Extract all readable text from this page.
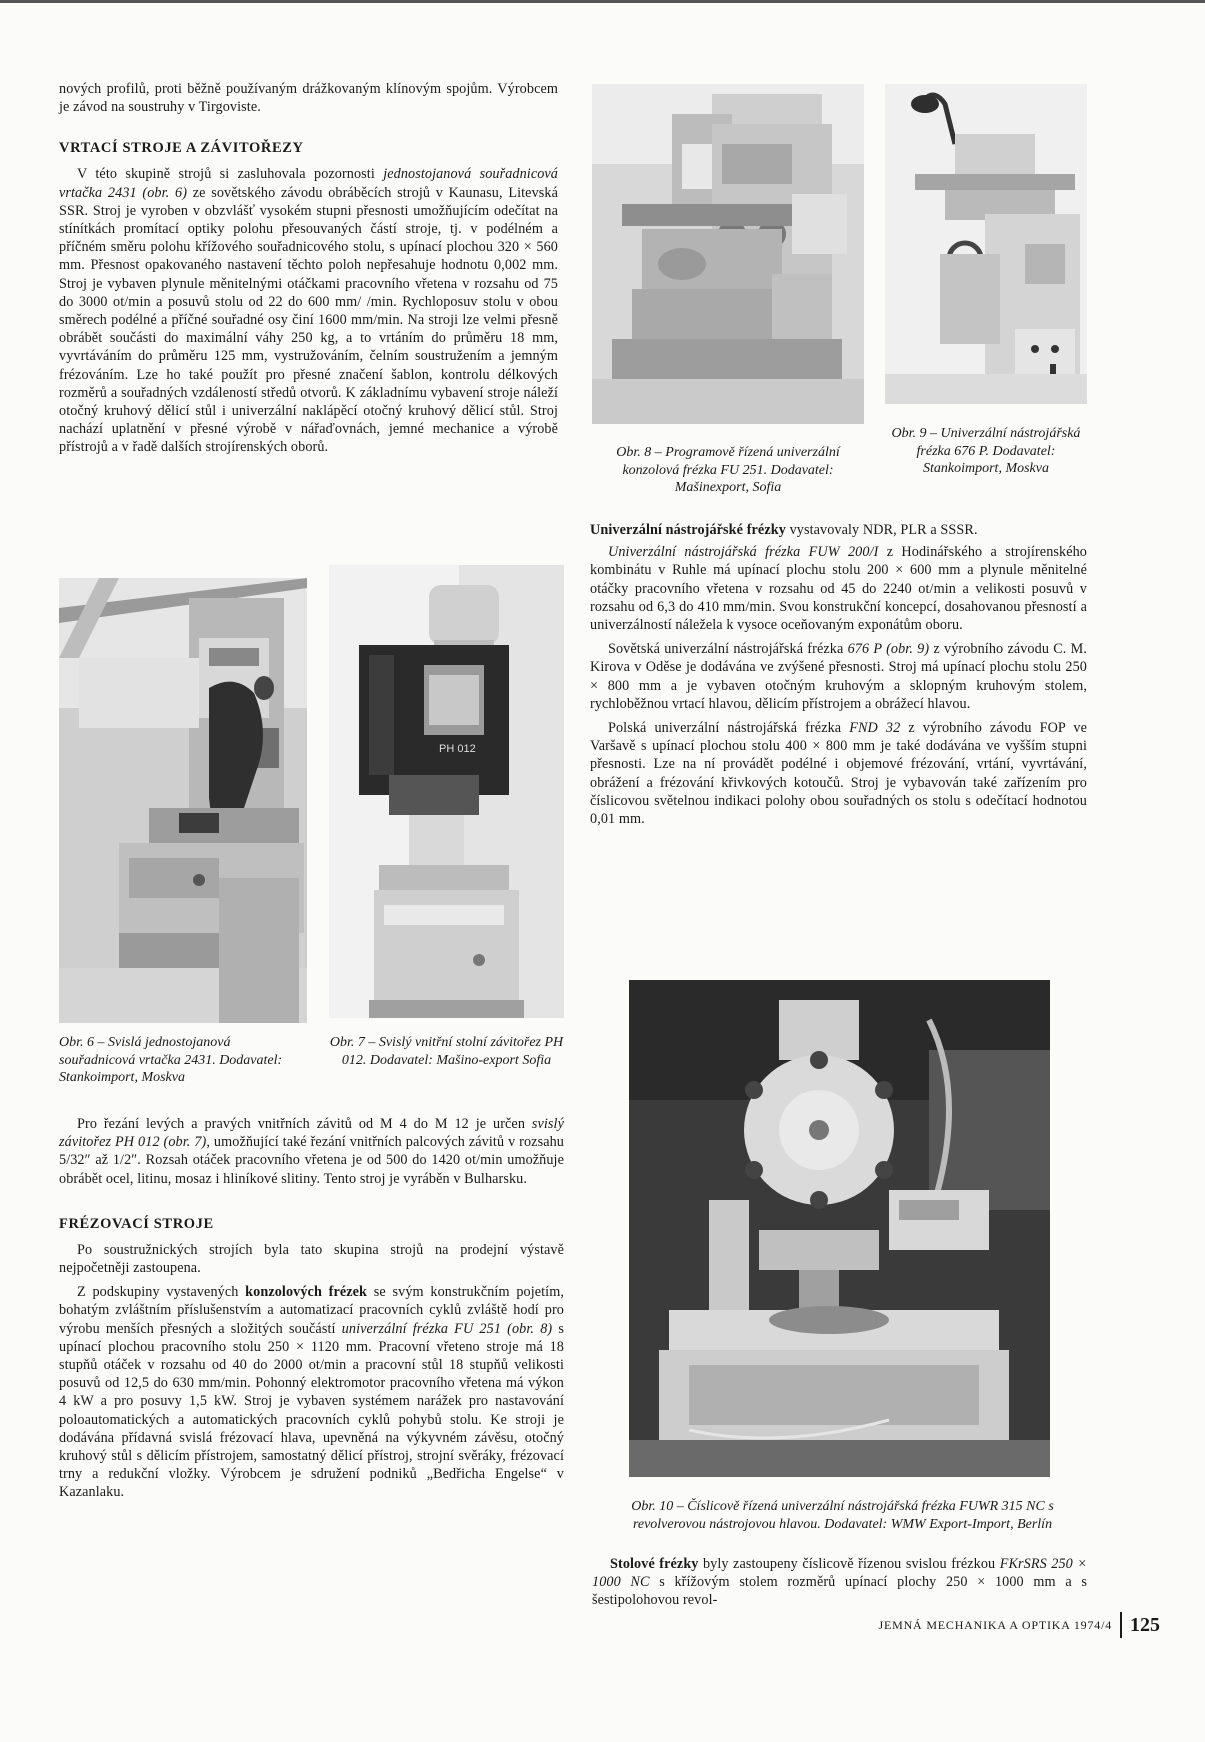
nových profilů, proti běžně používaným drážkovaným klínovým spojům. Výrobcem je závod na soustruhy v Tirgoviste.

VRTACÍ STROJE A ZÁVITOŘEZY

V této skupině strojů si zasluhovala pozornosti jednostojanová souřadnicová vrtačka 2431 (obr. 6) ze sovětského závodu obráběcích strojů v Kaunasu, Litevská SSR. Stroj je vyroben v obzvlášť vysokém stupni přesnosti umožňujícím odečítat na stínítkách promítací optiky polohu přesouvaných částí stroje, tj. v podélném a příčném směru polohu křížového souřadnicového stolu, s upínací plochou 320 × 560 mm. Přesnost opakovaného nastavení těchto poloh nepřesahuje hodnotu 0,002 mm. Stroj je vybaven plynule měnitelnými otáčkami pracovního vřetena v rozsahu od 75 do 3000 ot/min a posuvů stolu od 22 do 600 mm/ /min. Rychloposuv stolu v obou směrech podélné a příčné souřadné osy činí 1600 mm/min. Na stroji lze velmi přesně obrábět součásti do maximální váhy 250 kg, a to vrtáním do průměru 18 mm, vyvrtáváním do průměru 125 mm, vystružováním, čelním soustružením a jemným frézováním. Lze ho také použít pro přesné značení šablon, kontrolu délkových rozměrů a souřadných vzdáleností středů otvorů. K základnímu vybavení stroje náleží otočný kruhový dělicí stůl i univerzální naklápěcí otočný kruhový dělicí stůl. Stroj nachází uplatnění v přesné výrobě v nářaďovnách, jemné mechanice a výrobě přístrojů a v řadě dalších strojírenských oborů.

PH 012

Obr. 6 – Svislá jednostojanová souřadnicová vrtačka 2431. Dodavatel: Stankoimport, Moskva

Obr. 7 – Svislý vnitřní stolní závitořez PH 012. Dodavatel: Mašino-export Sofia

Pro řezání levých a pravých vnitřních závitů od M 4 do M 12 je určen svislý závitořez PH 012 (obr. 7), umožňující také řezání vnitřních palcových závitů v rozsahu 5/32″ až 1/2″. Rozsah otáček pracovního vřetena je od 500 do 1420 ot/min umožňuje obrábět ocel, litinu, mosaz i hliníkové slitiny. Tento stroj je vyráběn v Bulharsku.

FRÉZOVACÍ STROJE

Po soustružnických strojích byla tato skupina strojů na prodejní výstavě nejpočetněji zastoupena.

Z podskupiny vystavených konzolových frézek se svým konstrukčním pojetím, bohatým zvláštním příslušenstvím a automatizací pracovních cyklů zvláště hodí pro výrobu menších přesných a složitých součástí univerzální frézka FU 251 (obr. 8) s upínací plochou pracovního stolu 250 × 1120 mm. Pracovní vřeteno stroje má 18 stupňů otáček v rozsahu od 40 do 2000 ot/min a pracovní stůl 18 stupňů velikosti posuvů od 12,5 do 630 mm/min. Pohonný elektromotor pracovního vřetena má výkon 4 kW a pro posuvy 1,5 kW. Stroj je vybaven systémem narážek pro nastavování poloautomatických a automatických pracovních cyklů pohybů stolu. Ke stroji je dodávána přídavná svislá frézovací hlava, upevněná na výkyvném závěsu, otočný kruhový stůl s dělicím přístrojem, samostatný dělicí přístroj, strojní svěráky, frézovací trny a redukční vložky. Výrobcem je sdružení podniků „Bedřicha Engelse“ v Kazanlaku.

Obr. 8 – Programově řízená univerzální konzolová frézka FU 251. Dodavatel: Mašinexport, Sofia

Obr. 9 – Univerzální nástrojářská frézka 676 P. Dodavatel: Stankoimport, Moskva

Univerzální nástrojářské frézky vystavovaly NDR, PLR a SSSR.

Univerzální nástrojářská frézka FUW 200/I z Hodinářského a strojírenského kombinátu v Ruhle má upínací plochu stolu 200 × 600 mm a plynule měnitelné otáčky pracovního vřetena v rozsahu od 45 do 2240 ot/min a velikosti posuvů v rozsahu od 6,3 do 410 mm/min. Svou konstrukční koncepcí, dosahovanou přesností a univerzálností náležela k vysoce oceňovaným exponátům oboru.

Sovětská univerzální nástrojářská frézka 676 P (obr. 9) z výrobního závodu C. M. Kirova v Oděse je dodávána ve zvýšené přesnosti. Stroj má upínací plochu stolu 250 × 800 mm a je vybaven otočným kruhovým a sklopným kruhovým stolem, rychloběžnou vrtací hlavou, dělicím přístrojem a obrážecí hlavou.

Polská univerzální nástrojářská frézka FND 32 z výrobního závodu FOP ve Varšavě s upínací plochou stolu 400 × 800 mm je také dodávána ve vyšším stupni přesnosti. Lze na ní provádět podélné i objemové frézování, vrtání, vyvrtávání, obrážení a frézování křivkových kotoučů. Stroj je vybavován také zařízením pro číslicovou světelnou indikaci polohy obou souřadných os stolu s odečítací hodnotou 0,01 mm.

Obr. 10 – Číslicově řízená univerzální nástrojářská frézka FUWR 315 NC s revolverovou nástrojovou hlavou. Dodavatel: WMW Export-Import, Berlín

Stolové frézky byly zastoupeny číslicově řízenou svislou frézkou FKrSRS 250 × 1000 NC s křížovým stolem rozměrů upínací plochy 250 × 1000 mm a s šestipolohovou revol-

JEMNÁ MECHANIKA A OPTIKA 1974/4 125
